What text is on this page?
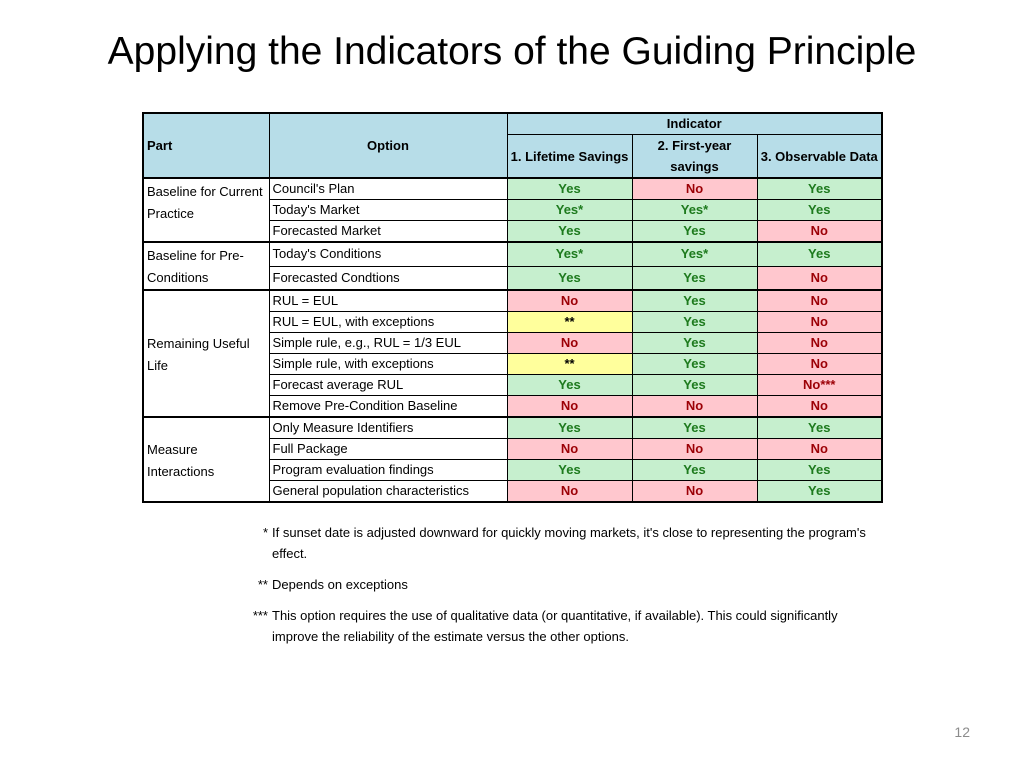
Applying the Indicators of the Guiding Principle
Part	Option	Indicator		
		1. Lifetime Savings	2. First-year savings	3. Observable Data
Baseline for Current Practice	Council's Plan	Yes	No	Yes
	Today's Market	Yes*	Yes*	Yes
	Forecasted Market	Yes	Yes	No
Baseline for Pre-Conditions	Today's Conditions	Yes*	Yes*	Yes
	Forecasted Condtions	Yes	Yes	No
Remaining Useful Life	RUL = EUL	No	Yes	No
	RUL = EUL, with exceptions	**	Yes	No
	Simple rule, e.g., RUL = 1/3 EUL	No	Yes	No
	Simple rule, with exceptions	**	Yes	No
	Forecast average RUL	Yes	Yes	No***
	Remove Pre-Condition Baseline	No	No	No
Measure Interactions	Only Measure Identifiers	Yes	Yes	Yes
	Full Package	No	No	No
	Program evaluation findings	Yes	Yes	Yes
	General population characteristics	No	No	Yes
* If sunset date is adjusted downward for quickly moving markets, it's close to representing the program's effect.
** Depends on exceptions
*** This option requires the use of qualitative data (or quantitative, if available). This could significantly improve the reliability of the estimate versus the other options.
12
